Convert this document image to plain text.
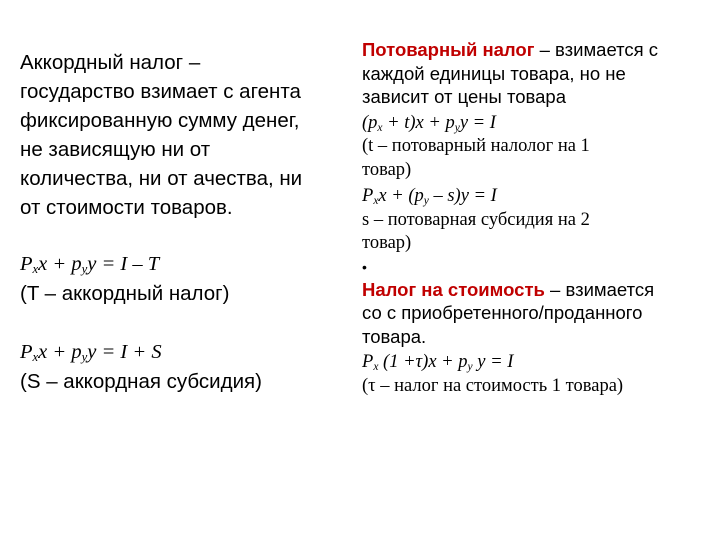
Аккордный налог –
государство взимает с агента
фиксированную сумму денег,
не зависящую ни от
количества, ни от ачества, ни
от стоимости товаров.
$P_xx + p_yy = I - T$
(T – аккордный налог)
$P_xx + p_yy = I + S$
(S – аккордная субсидия)
Потоварный налог – взимается с
каждой единицы товара, но не
зависит от цены товара
$(p_x + t)x + p_yy = I$
(t – потоварный налолог на 1
товар)
$P_xx + (p_y - s)y = I$
s – потоварная субсидия на 2
товар)
•
Налог на стоимость – взимается
со с приобретенного/проданного
товара.
$P_x$ $(1 +\tau)x + p_y$ y = I
(τ – налог на стоимость 1 товара)
